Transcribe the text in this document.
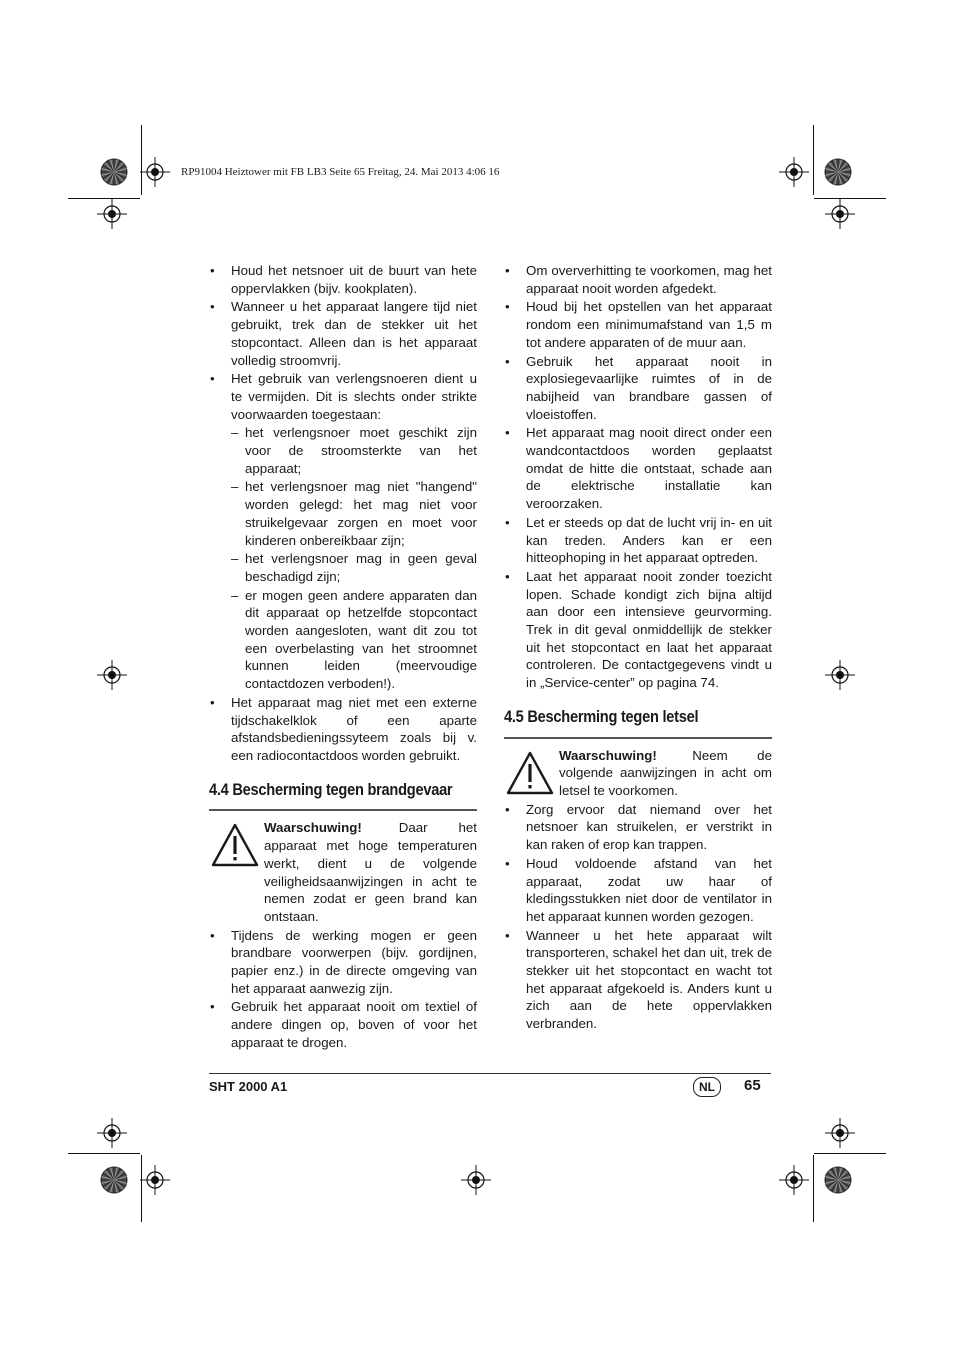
RP91004 Heiztower mit FB LB3 Seite 65 Freitag, 24. Mai 2013 4:06 16

• Houd het netsnoer uit de buurt van hete oppervlakken (bijv. kookplaten).

• Wanneer u het apparaat langere tijd niet gebruikt, trek dan de stekker uit het stopcontact. Alleen dan is het apparaat volledig stroomvrij.

• Het gebruik van verlengsnoeren dient u te vermijden. Dit is slechts onder strikte voorwaarden toegestaan:

– het verlengsnoer moet geschikt zijn voor de stroomsterkte van het apparaat;

– het verlengsnoer mag niet "hangend" worden gelegd: het mag niet voor struikelgevaar zorgen en moet voor kinderen onbereikbaar zijn;

– het verlengsnoer mag in geen geval beschadigd zijn;

– er mogen geen andere apparaten dan dit apparaat op hetzelfde stopcontact worden aangesloten, want dit zou tot een overbelasting van het stroomnet kunnen leiden (meervoudige contactdozen verboden!).

• Het apparaat mag niet met een externe tijdschakelklok of een aparte afstandsbedieningssyteem zoals bij v. een radiocontactdoos worden gebruikt.

4.4 Bescherming tegen brandgevaar
Waarschuwing!	Daar het apparaat met hoge temperaturen werkt, dient u de volgende veiligheidsaanwijzingen in acht te nemen zodat er geen brand kan ontstaan.

• Tijdens de werking mogen er geen brandbare voorwerpen (bijv. gordijnen, papier enz.) in de directe omgeving van het apparaat aanwezig zijn.

• Gebruik het apparaat nooit om textiel of andere dingen op, boven of voor het apparaat te drogen.

• Om oververhitting te voorkomen, mag het apparaat nooit worden afgedekt.

• Houd bij het opstellen van het apparaat rondom een minimumafstand van 1,5 m tot andere apparaten of de muur aan.

• Gebruik het apparaat nooit in explosiegevaarlijke ruimtes of in de nabijheid van brandbare gassen of vloeistoffen.

• Het apparaat mag nooit direct onder een wandcontactdoos worden geplaatst omdat de hitte die ontstaat, schade aan de elektrische installatie kan veroorzaken.

• Let er steeds op dat de lucht vrij in- en uit kan treden. Anders kan er een hitteophoping in het apparaat optreden.

• Laat het apparaat nooit zonder toezicht lopen. Schade kondigt zich bijna altijd aan door een intensieve geurvorming. Trek in dit geval onmiddellijk de stekker uit het stopcontact en laat het apparaat controleren. De contactgegevens vindt u in „Service-center” op pagina 74.

4.5 Bescherming tegen letsel
Waarschuwing!	Neem de volgende aanwijzingen in acht om letsel te voorkomen.

• Zorg ervoor dat niemand over het netsnoer kan struikelen, er verstrikt in kan raken of erop kan trappen.

• Houd voldoende afstand van het apparaat, zodat uw haar of kledingsstukken niet door de ventilator in het apparaat kunnen worden gezogen.

• Wanneer u het hete apparaat wilt transporteren, schakel het dan uit, trek de stekker uit het stopcontact en wacht tot het apparaat afgekoeld is. Anders kunt u zich aan de hete oppervlakken verbranden.

SHT 2000 A1	NL	65
